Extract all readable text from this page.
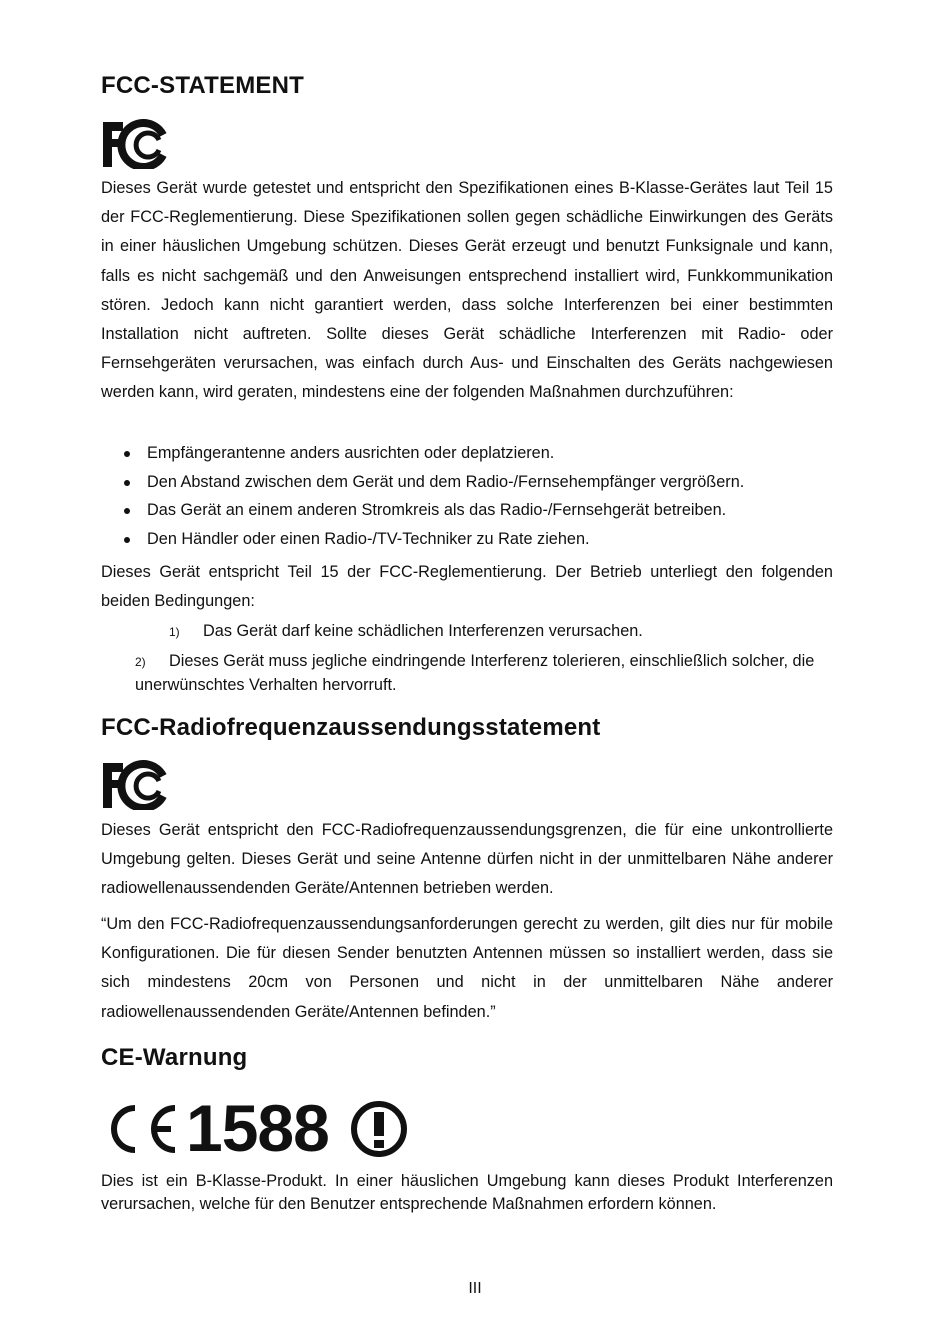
FCC-STATEMENT

Dieses Gerät wurde getestet und entspricht den Spezifikationen eines B-Klasse-Gerätes laut Teil 15 der FCC-Reglementierung. Diese Spezifikationen sollen gegen schädliche Einwirkungen des Geräts in einer häuslichen Umgebung schützen. Dieses Gerät erzeugt und benutzt Funksignale und kann, falls es nicht sachgemäß und den Anweisungen entsprechend installiert wird, Funkkommunikation stören. Jedoch kann nicht garantiert werden, dass solche Interferenzen bei einer bestimmten Installation nicht auftreten. Sollte dieses Gerät schädliche Interferenzen mit Radio- oder Fernsehgeräten verursachen, was einfach durch Aus- und Einschalten des Geräts nachgewiesen werden kann, wird geraten, mindestens eine der folgenden Maßnahmen durchzuführen:

Empfängerantenne anders ausrichten oder deplatzieren.
Den Abstand zwischen dem Gerät und dem Radio-/Fernsehempfänger vergrößern.
Das Gerät an einem anderen Stromkreis als das Radio-/Fernsehgerät betreiben.
Den Händler oder einen Radio-/TV-Techniker zu Rate ziehen.

Dieses Gerät entspricht Teil 15 der FCC-Reglementierung. Der Betrieb unterliegt den folgenden beiden Bedingungen:

1) Das Gerät darf keine schädlichen Interferenzen verursachen.
2) Dieses Gerät muss jegliche eindringende Interferenz tolerieren, einschließlich solcher, die unerwünschtes Verhalten hervorruft.
FCC-Radiofrequenzaussendungsstatement

Dieses Gerät entspricht den FCC-Radiofrequenzaussendungsgrenzen, die für eine unkontrollierte Umgebung gelten. Dieses Gerät und seine Antenne dürfen nicht in der unmittelbaren Nähe anderer radiowellenaussendenden Geräte/Antennen betrieben werden.

“Um den FCC-Radiofrequenzaussendungsanforderungen gerecht zu werden, gilt dies nur für mobile Konfigurationen. Die für diesen Sender benutzten Antennen müssen so installiert werden, dass sie sich mindestens 20cm von Personen und nicht in der unmittelbaren Nähe anderer radiowellenaussendenden Geräte/Antennen befinden.”

CE-Warnung
1588

Dies ist ein B-Klasse-Produkt. In einer häuslichen Umgebung kann dieses Produkt Interferenzen verursachen, welche für den Benutzer entsprechende Maßnahmen erfordern können.

III
